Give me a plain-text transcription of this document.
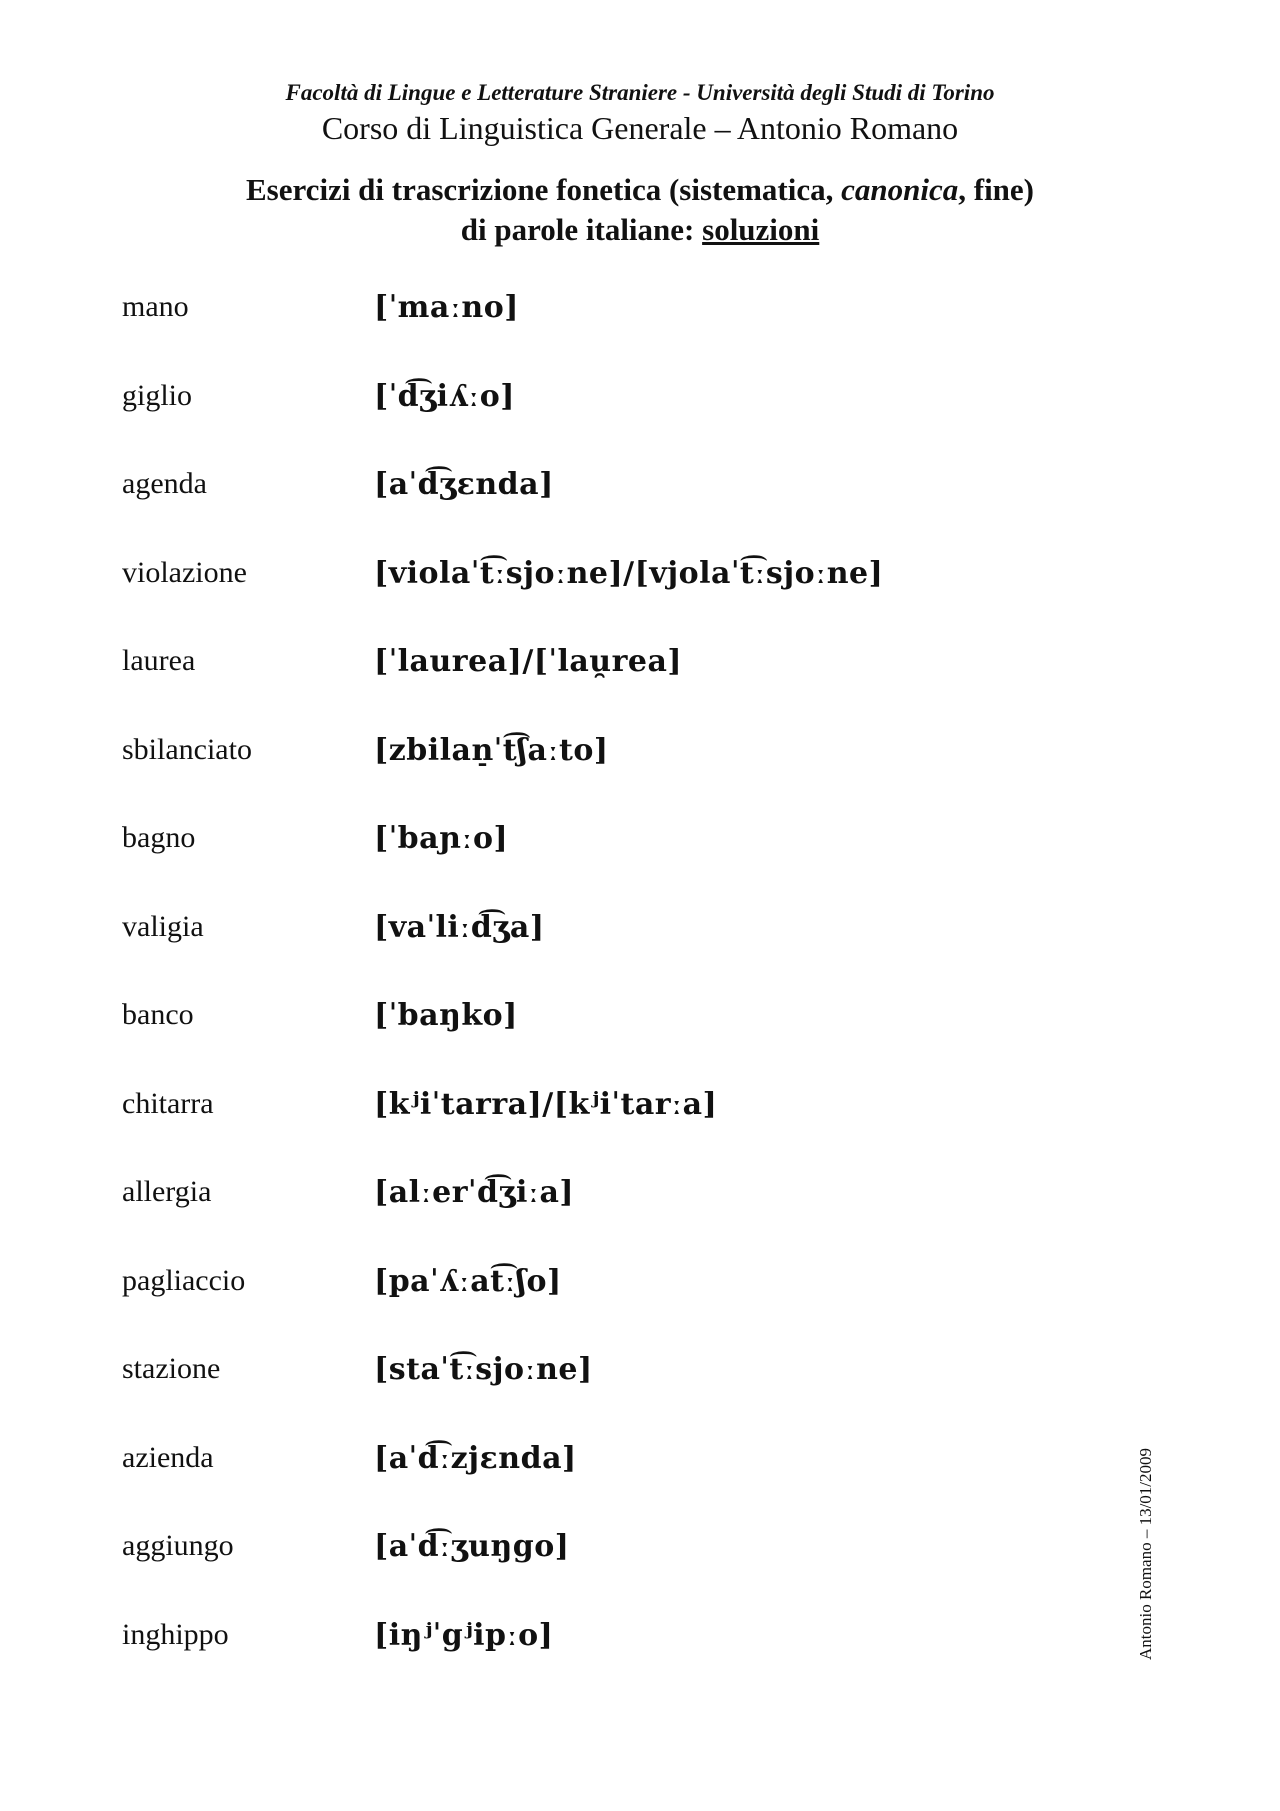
Facoltà di Lingue e Letterature Straniere - Università degli Studi di Torino
Corso di Linguistica Generale – Antonio Romano
Esercizi di trascrizione fonetica (sistematica, canonica, fine)
di parole italiane: soluzioni
mano	[ˈmaːno]
giglio	[ˈd͡ʒiʎːo]
agenda	[aˈd͡ʒɛnda]
violazione	[violaˈt͡ːsjoːne]/[vjolaˈt͡ːsjoːne]
laurea	[ˈlaurea]/[ˈlau̯rea]
sbilanciato	[zbilan̠ˈt͡ʃaːto]
bagno	[ˈbaɲːo]
valigia	[vaˈliːd͡ʒa]
banco	[ˈbaŋko]
chitarra	[kʲiˈtarra]/[kʲiˈtarːa]
allergia	[alːerˈd͡ʒiːa]
pagliaccio	[paˈʎːat͡ːʃo]
stazione	[staˈt͡ːsjoːne]
azienda	[aˈd͡ːzjɛnda]
aggiungo	[aˈd͡ːʒuŋgo]
inghippo	[iŋʲˈgʲipːo]	Antonio Romano – 13/01/2009
